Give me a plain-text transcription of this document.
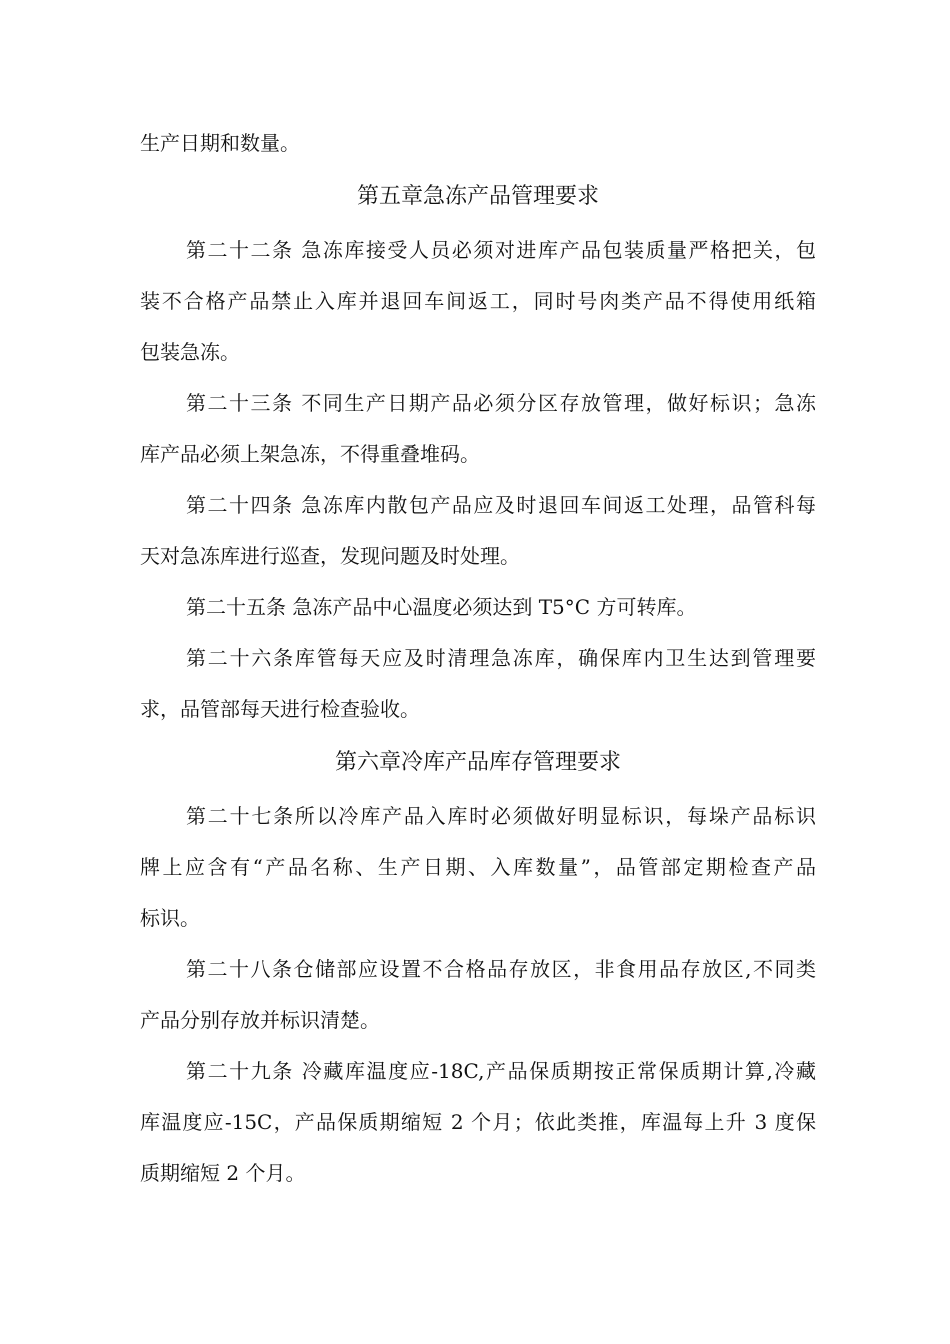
生产日期和数量。
第五章急冻产品管理要求
第二十二条 急冻库接受人员必须对进库产品包装质量严格把关，包
装不合格产品禁止入库并退回车间返工，同时号肉类产品不得使用纸箱
包装急冻。
第二十三条 不同生产日期产品必须分区存放管理，做好标识；急冻
库产品必须上架急冻，不得重叠堆码。
第二十四条 急冻库内散包产品应及时退回车间返工处理，品管科每
天对急冻库进行巡查，发现问题及时处理。
第二十五条 急冻产品中心温度必须达到 T5°C 方可转库。
第二十六条库管每天应及时清理急冻库，确保库内卫生达到管理要
求，品管部每天进行检查验收。
第六章冷库产品库存管理要求
第二十七条所以冷库产品入库时必须做好明显标识，每垛产品标识
牌上应含有“产品名称、生产日期、入库数量”，品管部定期检查产品
标识。
第二十八条仓储部应设置不合格品存放区，非食用品存放区,不同类
产品分别存放并标识清楚。
第二十九条 冷藏库温度应-18C,产品保质期按正常保质期计算,冷藏
库温度应-15C，产品保质期缩短 2 个月；依此类推，库温每上升 3 度保
质期缩短 2 个月。
